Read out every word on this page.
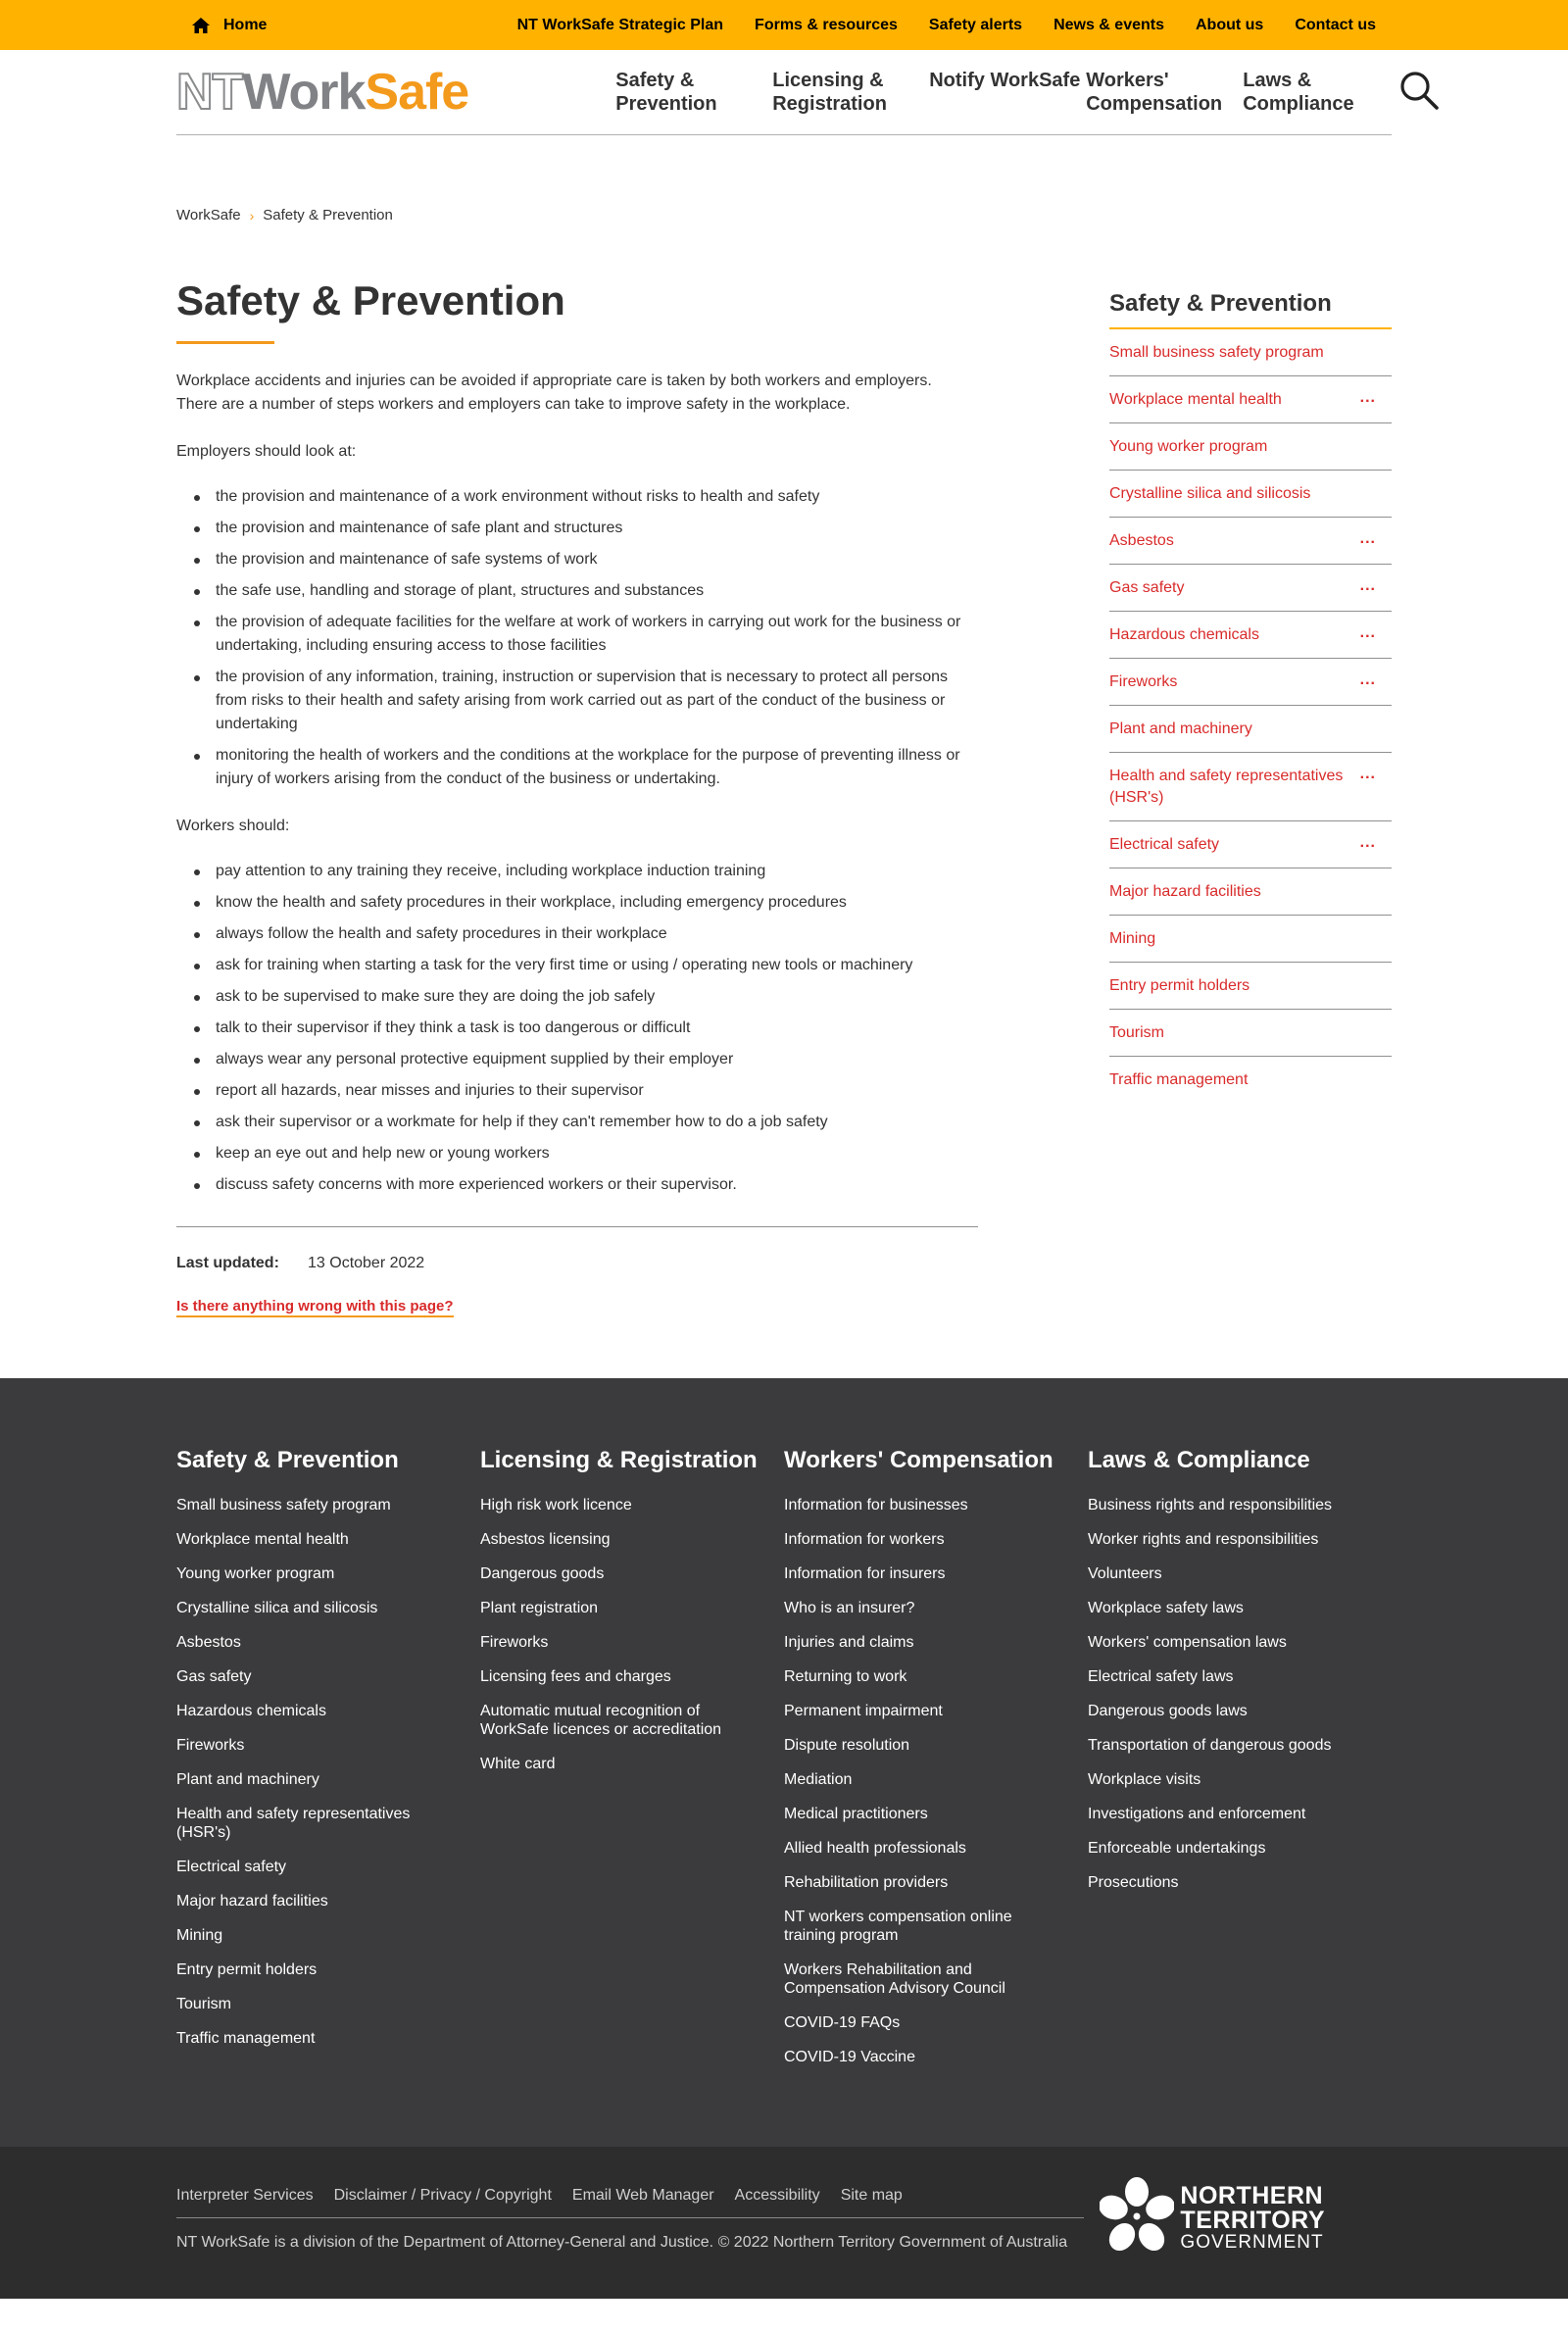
Home	NT WorkSafe Strategic Plan	Forms & resources	Safety alerts	News & events	About us	Contact us
NT Work Safe	Safety & Prevention
Licensing & Registration
Notify WorkSafe Workers' Compensation
Laws & Compliance
WorkSafe › Safety & Prevention
Safety & Prevention

Workplace accidents and injuries can be avoided if appropriate care is taken by both workers and employers. There are a number of steps workers and employers can take to improve safety in the workplace.

Employers should look at:

the provision and maintenance of a work environment without risks to health and safety
the provision and maintenance of safe plant and structures
the provision and maintenance of safe systems of work
the safe use, handling and storage of plant, structures and substances
the provision of adequate facilities for the welfare at work of workers in carrying out work for the business or undertaking, including ensuring access to those facilities
the provision of any information, training, instruction or supervision that is necessary to protect all persons from risks to their health and safety arising from work carried out as part of the conduct of the business or undertaking
monitoring the health of workers and the conditions at the workplace for the purpose of preventing illness or injury of workers arising from the conduct of the business or undertaking.

Workers should:

pay attention to any training they receive, including workplace induction training
know the health and safety procedures in their workplace, including emergency procedures
always follow the health and safety procedures in their workplace
ask for training when starting a task for the very first time or using / operating new tools or machinery
ask to be supervised to make sure they are doing the job safely
talk to their supervisor if they think a task is too dangerous or difficult
always wear any personal protective equipment supplied by their employer
report all hazards, near misses and injuries to their supervisor
ask their supervisor or a workmate for help if they can't remember how to do a job safety
keep an eye out and help new or young workers
discuss safety concerns with more experienced workers or their supervisor.
Last updated:	13 October 2022
Is there anything wrong with this page?
Safety & Prevention
Small business safety program
Workplace mental health	...
Young worker program
Crystalline silica and silicosis
Asbestos	...
Gas safety	...
Hazardous chemicals	...
Fireworks	...
Plant and machinery
Health and safety representatives (HSR's)
...
Electrical safety	...
Major hazard facilities
Mining
Entry permit holders
Tourism
Traffic management
Safety & Prevention
Small business safety program
Workplace mental health
Young worker program
Crystalline silica and silicosis
Asbestos
Gas safety
Hazardous chemicals
Fireworks
Plant and machinery
Health and safety representatives (HSR's)
Electrical safety
Major hazard facilities
Mining
Entry permit holders
Tourism
Traffic management
Licensing & Registration
High risk work licence
Asbestos licensing
Dangerous goods
Plant registration
Fireworks
Licensing fees and charges
Automatic mutual recognition of WorkSafe licences or accreditation
White card
Workers' Compensation
Information for businesses
Information for workers
Information for insurers
Who is an insurer?
Injuries and claims
Returning to work
Permanent impairment
Dispute resolution
Mediation
Medical practitioners
Allied health professionals
Rehabilitation providers
NT workers compensation online training program
Workers Rehabilitation and Compensation Advisory Council
COVID-19 FAQs
COVID-19 Vaccine
Laws & Compliance
Business rights and responsibilities
Worker rights and responsibilities
Volunteers
Workplace safety laws
Workers' compensation laws
Electrical safety laws
Dangerous goods laws
Transportation of dangerous goods
Workplace visits
Investigations and enforcement
Enforceable undertakings
Prosecutions
Interpreter Services Disclaimer / Privacy / Copyright Email Web Manager Accessibility Site map

NT WorkSafe is a division of the Department of Attorney-General and Justice. © 2022 Northern Territory Government of Australia

NORTHERN
TERRITORY
GOVERNMENT
